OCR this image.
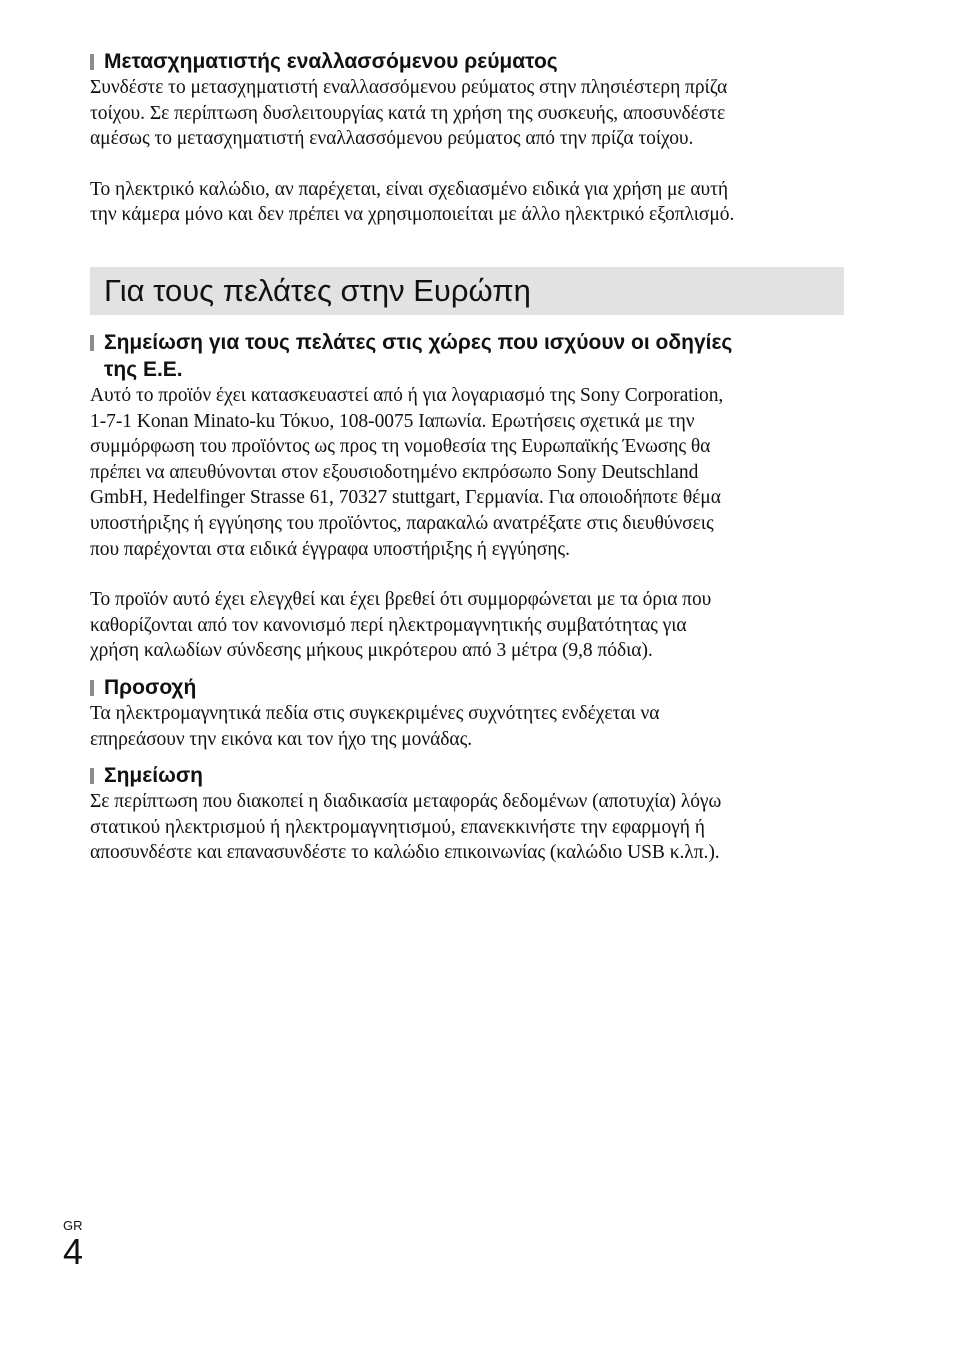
Μετασχηματιστής εναλλασσόμενου ρεύματος

Συνδέστε το μετασχηματιστή εναλλασσόμενου ρεύματος στην πλησιέστερη πρίζα
τοίχου. Σε περίπτωση δυσλειτουργίας κατά τη χρήση της συσκευής, αποσυνδέστε
αμέσως το μετασχηματιστή εναλλασσόμενου ρεύματος από την πρίζα τοίχου.

Το ηλεκτρικό καλώδιο, αν παρέχεται, είναι σχεδιασμένο ειδικά για χρήση με αυτή
την κάμερα μόνο και δεν πρέπει να χρησιμοποιείται με άλλο ηλεκτρικό εξοπλισμό.

Για τους πελάτες στην Ευρώπη
Σημείωση για τους πελάτες στις χώρες που ισχύουν οι οδηγίες
της Ε.Ε.

Αυτό το προϊόν έχει κατασκευαστεί από ή για λογαριασμό της Sony Corporation,
1-7-1 Konan Minato-ku Τόκυο, 108-0075 Ιαπωνία. Ερωτήσεις σχετικά με την
συμμόρφωση του προϊόντος ως προς τη νομοθεσία της Ευρωπαϊκής Ένωσης θα
πρέπει να απευθύνονται στον εξουσιοδοτημένο εκπρόσωπο Sony Deutschland
GmbH, Hedelfinger Strasse 61, 70327 stuttgart, Γερμανία. Για οποιοδήποτε θέμα
υποστήριξης ή εγγύησης του προϊόντος, παρακαλώ ανατρέξατε στις διευθύνσεις
που παρέχονται στα ειδικά έγγραφα υποστήριξης ή εγγύησης.

Το προϊόν αυτό έχει ελεγχθεί και έχει βρεθεί ότι συμμορφώνεται με τα όρια που
καθορίζονται από τον κανονισμό περί ηλεκτρομαγνητικής συμβατότητας για
χρήση καλωδίων σύνδεσης μήκους μικρότερου από 3 μέτρα (9,8 πόδια).

Προσοχή

Τα ηλεκτρομαγνητικά πεδία στις συγκεκριμένες συχνότητες ενδέχεται να
επηρεάσουν την εικόνα και τον ήχο της μονάδας.

Σημείωση

Σε περίπτωση που διακοπεί η διαδικασία μεταφοράς δεδομένων (αποτυχία) λόγω
στατικού ηλεκτρισμού ή ηλεκτρομαγνητισμού, επανεκκινήστε την εφαρμογή ή
αποσυνδέστε και επανασυνδέστε το καλώδιο επικοινωνίας (καλώδιο USB κ.λπ.).

GR
4
